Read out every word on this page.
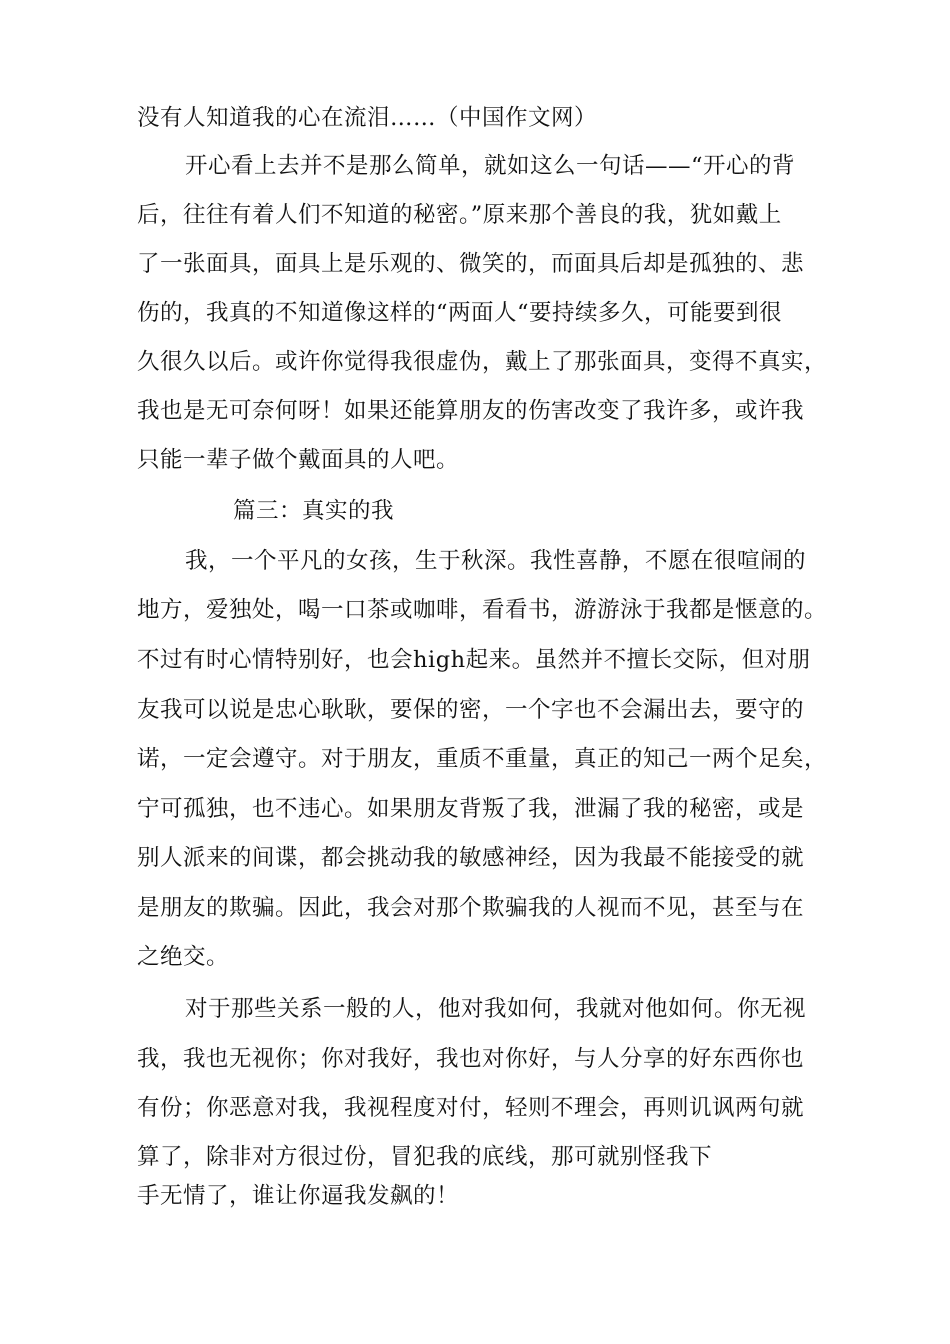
没有人知道我的心在流泪……（中国作文网）
开心看上去并不是那么简单，就如这么一句话——“开心的背
后，往往有着人们不知道的秘密。”原来那个善良的我，犹如戴上
了一张面具，面具上是乐观的、微笑的，而面具后却是孤独的、悲
伤的，我真的不知道像这样的“两面人“要持续多久，可能要到很
久很久以后。或许你觉得我很虚伪，戴上了那张面具，变得不真实，
我也是无可奈何呀！如果还能算朋友的伤害改变了我许多，或许我
只能一辈子做个戴面具的人吧。
篇三：真实的我
我，一个平凡的女孩，生于秋深。我性喜静，不愿在很喧闹的
地方，爱独处，喝一口茶或咖啡，看看书，游游泳于我都是惬意的。
不过有时心情特别好，也会high起来。虽然并不擅长交际，但对朋
友我可以说是忠心耿耿，要保的密，一个字也不会漏出去，要守的
诺，一定会遵守。对于朋友，重质不重量，真正的知己一两个足矣，
宁可孤独，也不违心。如果朋友背叛了我，泄漏了我的秘密，或是
别人派来的间谍，都会挑动我的敏感神经，因为我最不能接受的就
是朋友的欺骗。因此，我会对那个欺骗我的人视而不见，甚至与在
之绝交。
对于那些关系一般的人，他对我如何，我就对他如何。你无视
我，我也无视你；你对我好，我也对你好，与人分享的好东西你也
有份；你恶意对我，我视程度对付，轻则不理会，再则讥讽两句就
算了，除非对方很过份，冒犯我的底线，那可就别怪我下
手无情了，谁让你逼我发飙的！
